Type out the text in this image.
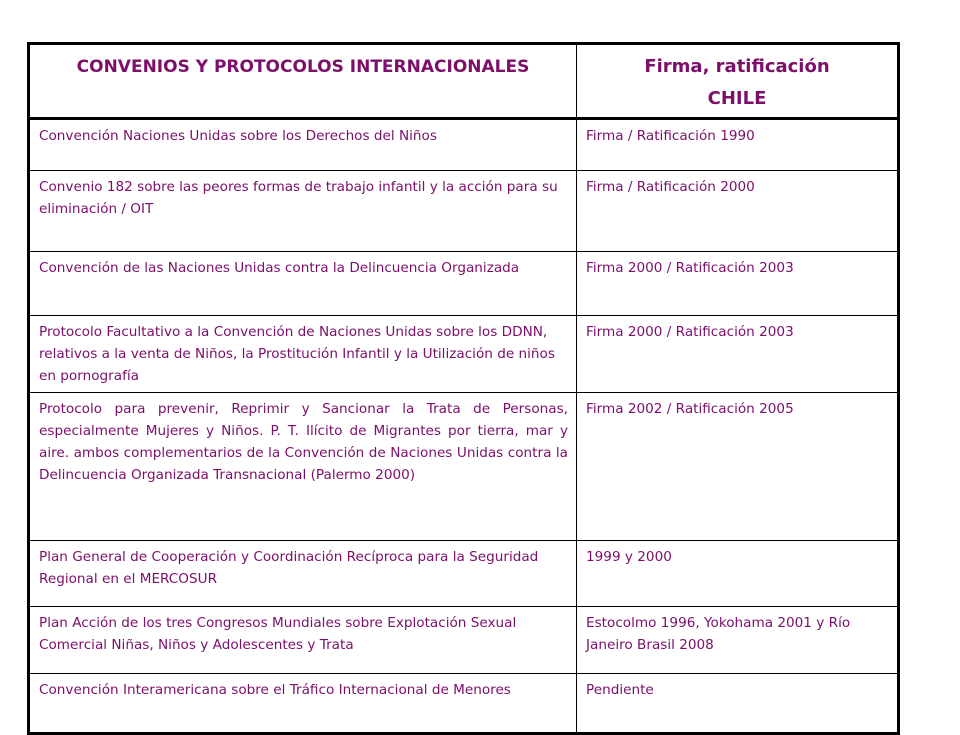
CONVENIOS Y PROTOCOLOS INTERNACIONALES	Firma, ratificación
CHILE

Convención Naciones Unidas sobre los Derechos del Niños	Firma / Ratificación 1990
Convenio 182 sobre las peores formas de trabajo infantil y la acción para su eliminación / OIT	Firma / Ratificación 2000
Convención de las Naciones Unidas contra la Delincuencia Organizada	Firma 2000 / Ratificación 2003
Protocolo Facultativo a la Convención de Naciones Unidas sobre los DDNN, relativos a la venta de Niños, la Prostitución Infantil y la Utilización de niños en pornografía	Firma 2000 / Ratificación 2003
Protocolo para prevenir, Reprimir y Sancionar la Trata de Personas, especialmente Mujeres y Niños. P. T. Ilícito de Migrantes por tierra, mar y aire. ambos complementarios de la Convención de Naciones Unidas contra la Delincuencia Organizada Transnacional (Palermo 2000)	Firma 2002 / Ratificación 2005
Plan General de Cooperación y Coordinación Recíproca para la Seguridad Regional en el MERCOSUR	1999 y 2000
Plan Acción de los tres Congresos Mundiales sobre Explotación Sexual Comercial Niñas, Niños y Adolescentes y Trata	Estocolmo 1996, Yokohama 2001 y Río Janeiro Brasil 2008
Convención Interamericana sobre el Tráfico Internacional de Menores	Pendiente
